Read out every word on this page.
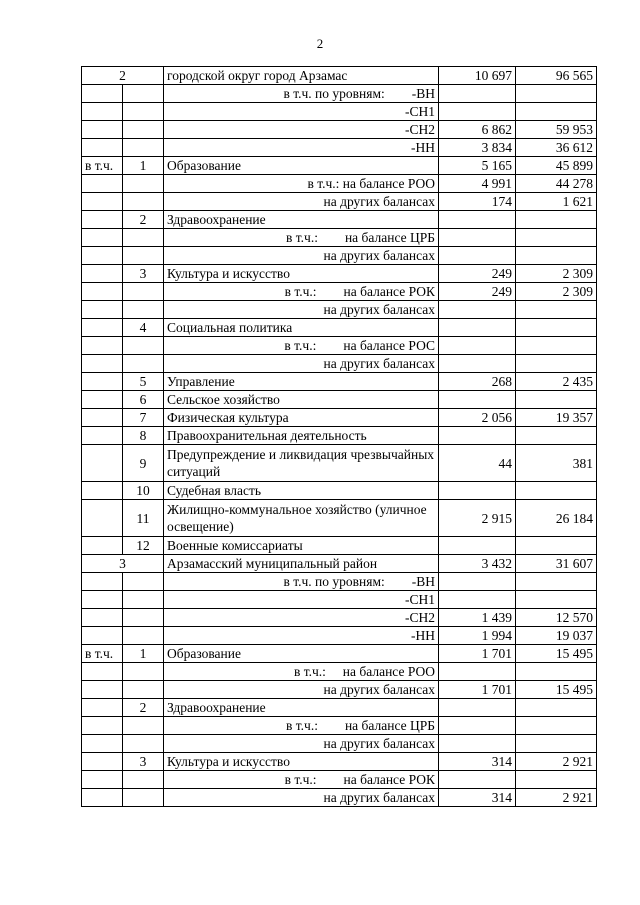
2
2		городской округ город Арзамас	10 697	96 565
		в т.ч. по уровням:        -ВН		
		-СН1		
		-СН2	6 862	59 953
		-НН	3 834	36 612
в т.ч.	1	Образование	5 165	45 899
		в т.ч.: на балансе РОО	4 991	44 278
		на других балансах	174	1 621
	2	Здравоохранение		
		в т.ч.:        на балансе ЦРБ		
		на других балансах		
	3	Культура и искусство	249	2 309
		в т.ч.:        на балансе РОК	249	2 309
		на других балансах		
	4	Социальная политика		
		в т.ч.:        на балансе РОС		
		на других балансах		
	5	Управление	268	2 435
	6	Сельское хозяйство		
	7	Физическая культура	2 056	19 357
	8	Правоохранительная деятельность		
	9	Предупреждение и ликвидация чрезвычайных ситуаций	44	381
	10	Судебная власть		
	11	Жилищно-коммунальное хозяйство (уличное освещение)	2 915	26 184
	12	Военные комиссариаты		
3		Арзамасский муниципальный район	3 432	31 607
		в т.ч. по уровням:        -ВН		
		-СН1		
		-СН2	1 439	12 570
		-НН	1 994	19 037
в т.ч.	1	Образование	1 701	15 495
		в т.ч.:     на балансе РОО		
		на других балансах	1 701	15 495
	2	Здравоохранение		
		в т.ч.:        на балансе ЦРБ		
		на других балансах		
	3	Культура и искусство	314	2 921
		в т.ч.:        на балансе РОК		
		на других балансах	314	2 921
